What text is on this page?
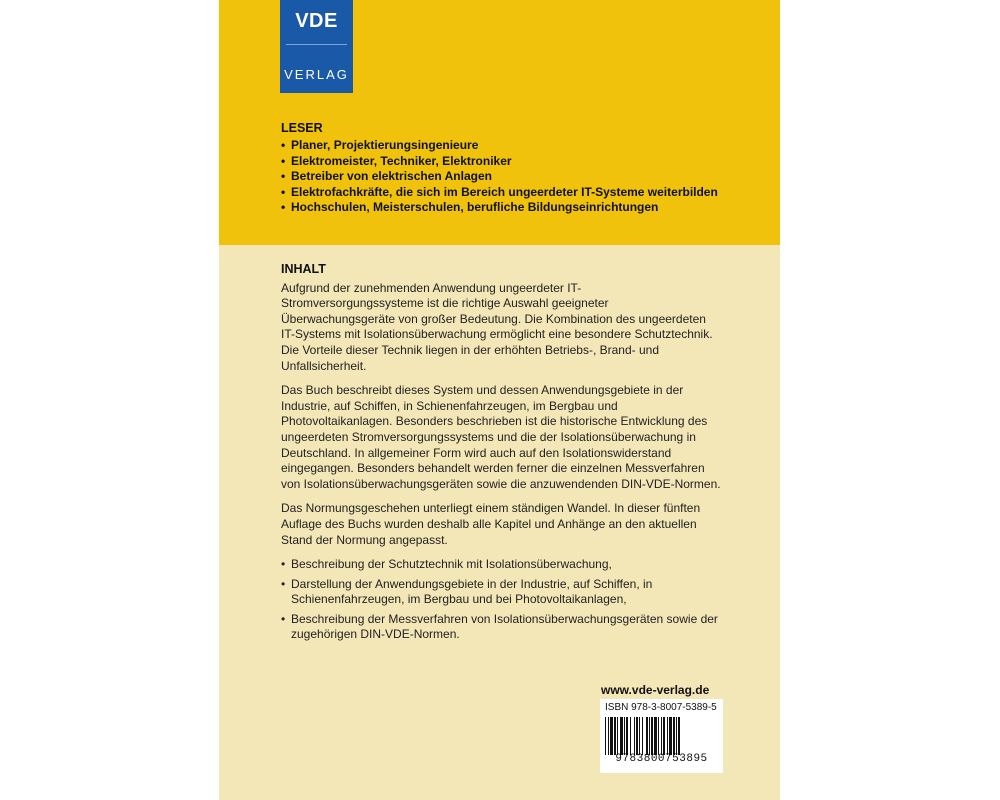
VDE
VERLAG
LESER
• Planer, Projektierungsingenieure
• Elektromeister, Techniker, Elektroniker
• Betreiber von elektrischen Anlagen
• Elektrofachkräfte, die sich im Bereich ungeerdeter IT-Systeme weiterbilden
• Hochschulen, Meisterschulen, berufliche Bildungseinrichtungen
INHALT

Aufgrund der zunehmenden Anwendung ungeerdeter IT-Stromversorgungssysteme ist die richtige Auswahl geeigneter Überwachungsgeräte von großer Bedeutung. Die Kombination des ungeerdeten IT-Systems mit Isolationsüberwachung ermöglicht eine besondere Schutztechnik. Die Vorteile dieser Technik liegen in der erhöhten Betriebs-, Brand- und Unfallsicherheit.

Das Buch beschreibt dieses System und dessen Anwendungsgebiete in der Industrie, auf Schiffen, in Schienenfahrzeugen, im Bergbau und Photovoltaikanlagen. Besonders beschrieben ist die historische Entwicklung des ungeerdeten Stromversorgungssystems und die der Isolationsüberwachung in Deutschland. In allgemeiner Form wird auch auf den Isolationswiderstand eingegangen. Besonders behandelt werden ferner die einzelnen Messverfahren von Isolationsüberwachungsgeräten sowie die anzuwendenden DIN-VDE-Normen.

Das Normungsgeschehen unterliegt einem ständigen Wandel. In dieser fünften Auflage des Buchs wurden deshalb alle Kapitel und Anhänge an den aktuellen Stand der Normung angepasst.

• Beschreibung der Schutztechnik mit Isolationsüberwachung,
• Darstellung der Anwendungsgebiete in der Industrie, auf Schiffen, in Schienenfahrzeugen, im Bergbau und bei Photovoltaikanlagen,
• Beschreibung der Messverfahren von Isolationsüberwachungsgeräten sowie der zugehörigen DIN-VDE-Normen.
www.vde-verlag.de
ISBN 978-3-8007-5389-5
9783800753895
